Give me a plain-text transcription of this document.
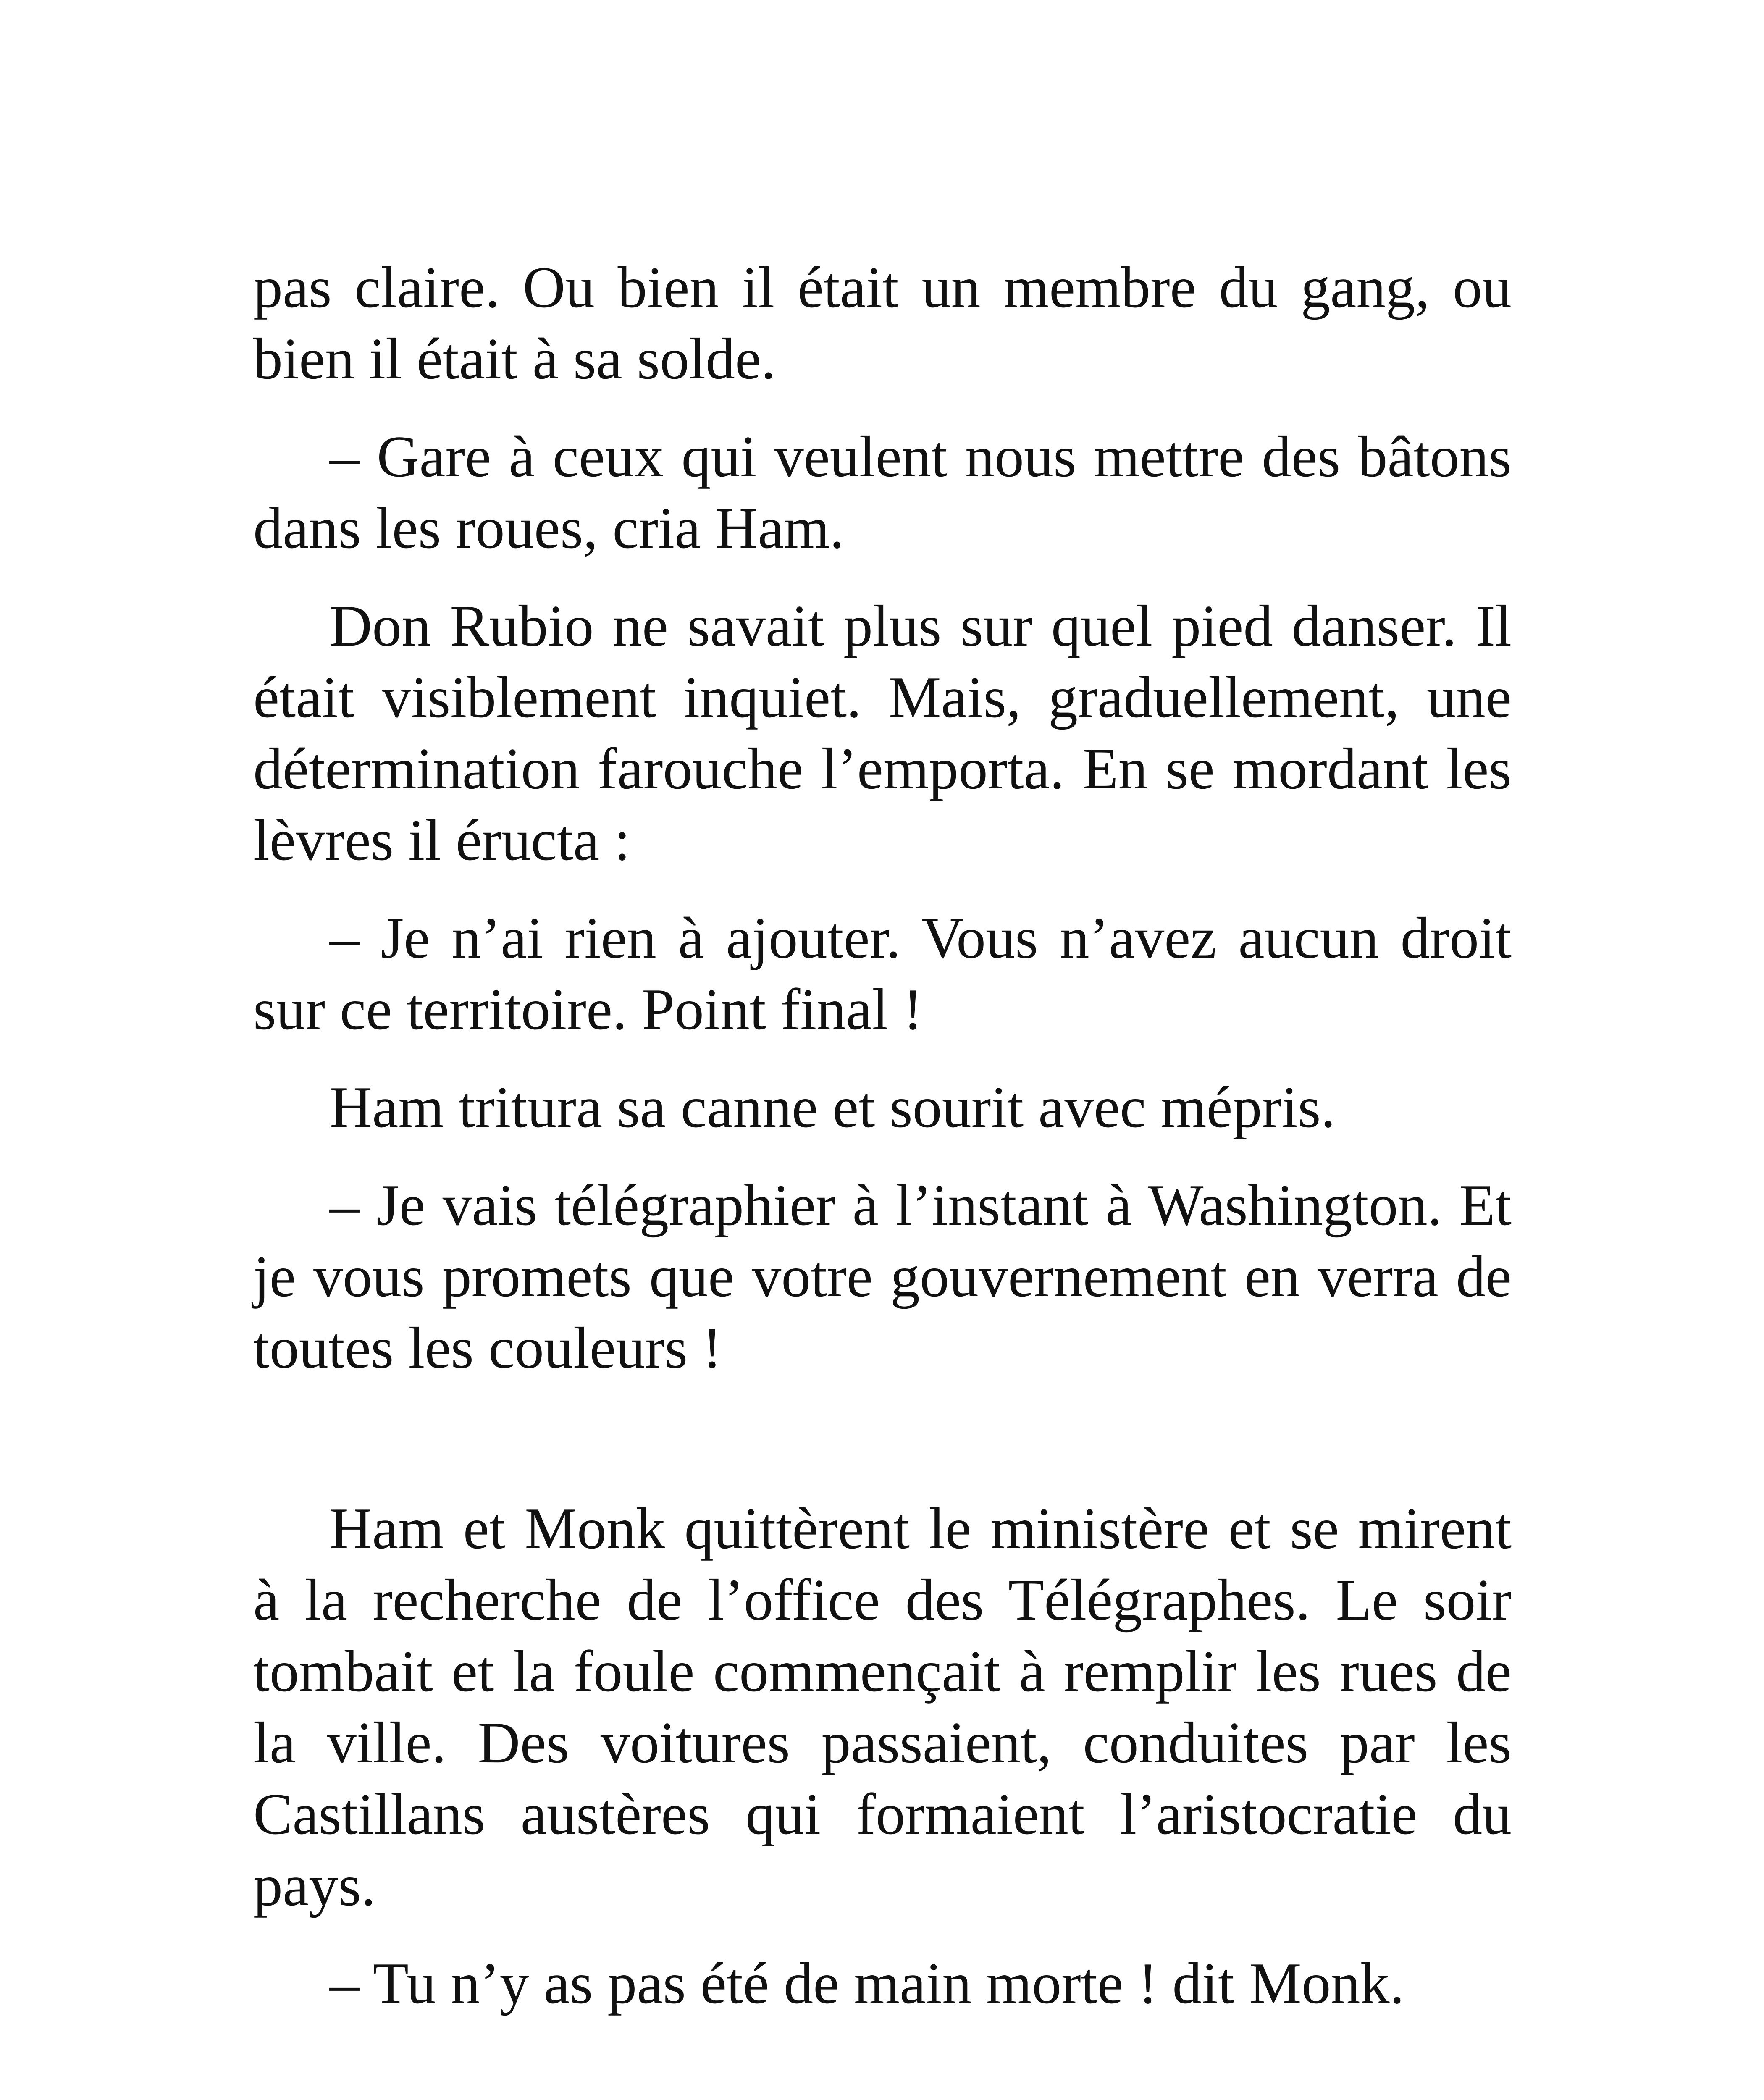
pas claire. Ou bien il était un membre du gang, ou bien il était à sa solde.

– Gare à ceux qui veulent nous mettre des bâtons dans les roues, cria Ham.

Don Rubio ne savait plus sur quel pied danser. Il était visiblement inquiet. Mais, graduellement, une détermination farouche l’emporta. En se mordant les lèvres il éructa :

– Je n’ai rien à ajouter. Vous n’avez aucun droit sur ce territoire. Point final !

Ham tritura sa canne et sourit avec mépris.

– Je vais télégraphier à l’instant à Washington. Et je vous promets que votre gouvernement en verra de toutes les couleurs !

Ham et Monk quittèrent le ministère et se mirent à la recherche de l’office des Télégraphes. Le soir tombait et la foule commençait à remplir les rues de la ville. Des voitures passaient, conduites par les Castillans austères qui formaient l’aristocratie du pays.

– Tu n’y as pas été de main morte ! dit Monk.
